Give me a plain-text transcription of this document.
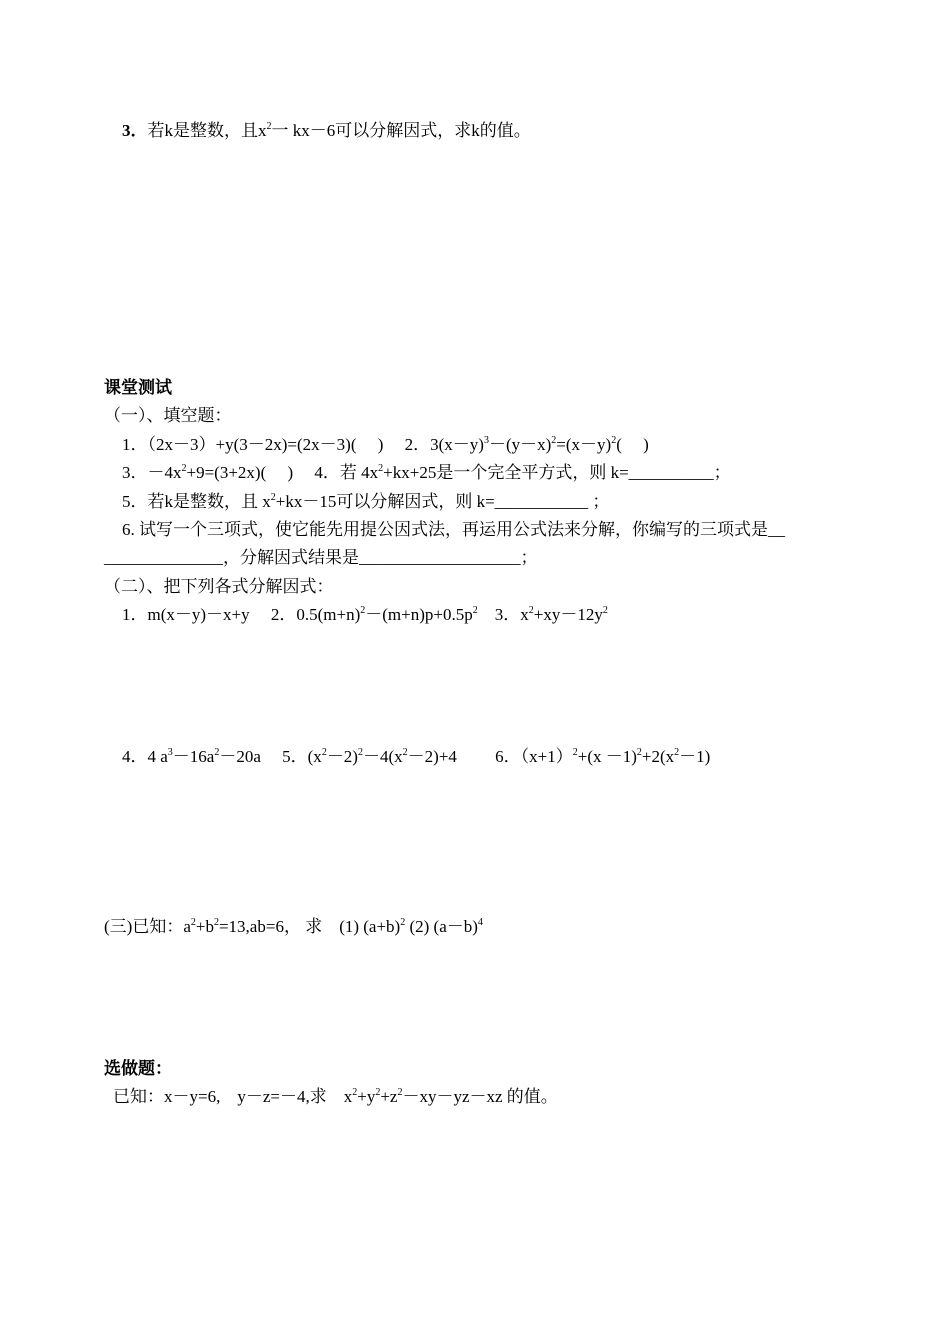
3．若k是整数，且$x^2$一 kx－6可以分解因式，求k的值。
课堂测试
（一）、填空题：
1．（2x－3）+y(3－2x)=(2x－3)(　 )　 2．$3(x-y)^3-(y-x)^2=(x-y)^2$(　 )
3．$-4x^2+9=(3+2x)$(　 )　 4．若 $4x^2+kx+25$是一个完全平方式，则 k=__________；
5．若k是整数，且 $x^2+kx-15$可以分解因式，则 k=___________ ；
6. 试写一个三项式，使它能先用提公因式法，再运用公式法来分解，你编写的三项式是__
______________，分解因式结果是___________________；
（二）、把下列各式分解因式：
1．m(x－y)－x+y　 2．$0.5(m+n)^2-(m+n)p+0.5p^2$　3．$x^2+xy-12y^2$
4．4 $a^3-16a^2-20a$　 5．$(x^2-2)^2-4(x^2-2)+4$　　 6．$(x+1)^2+(x -1)^2+2(x^2-1)$
(三)已知：$a^2+b^2=13,ab=6$， 求　(1) $(a+b)^2$ (2) $(a-b)^4$
选做题：
已知：x－y=6,　y－z=－4,求　$x^2+y^2+z^2-xy-yz-xz$ 的值。
